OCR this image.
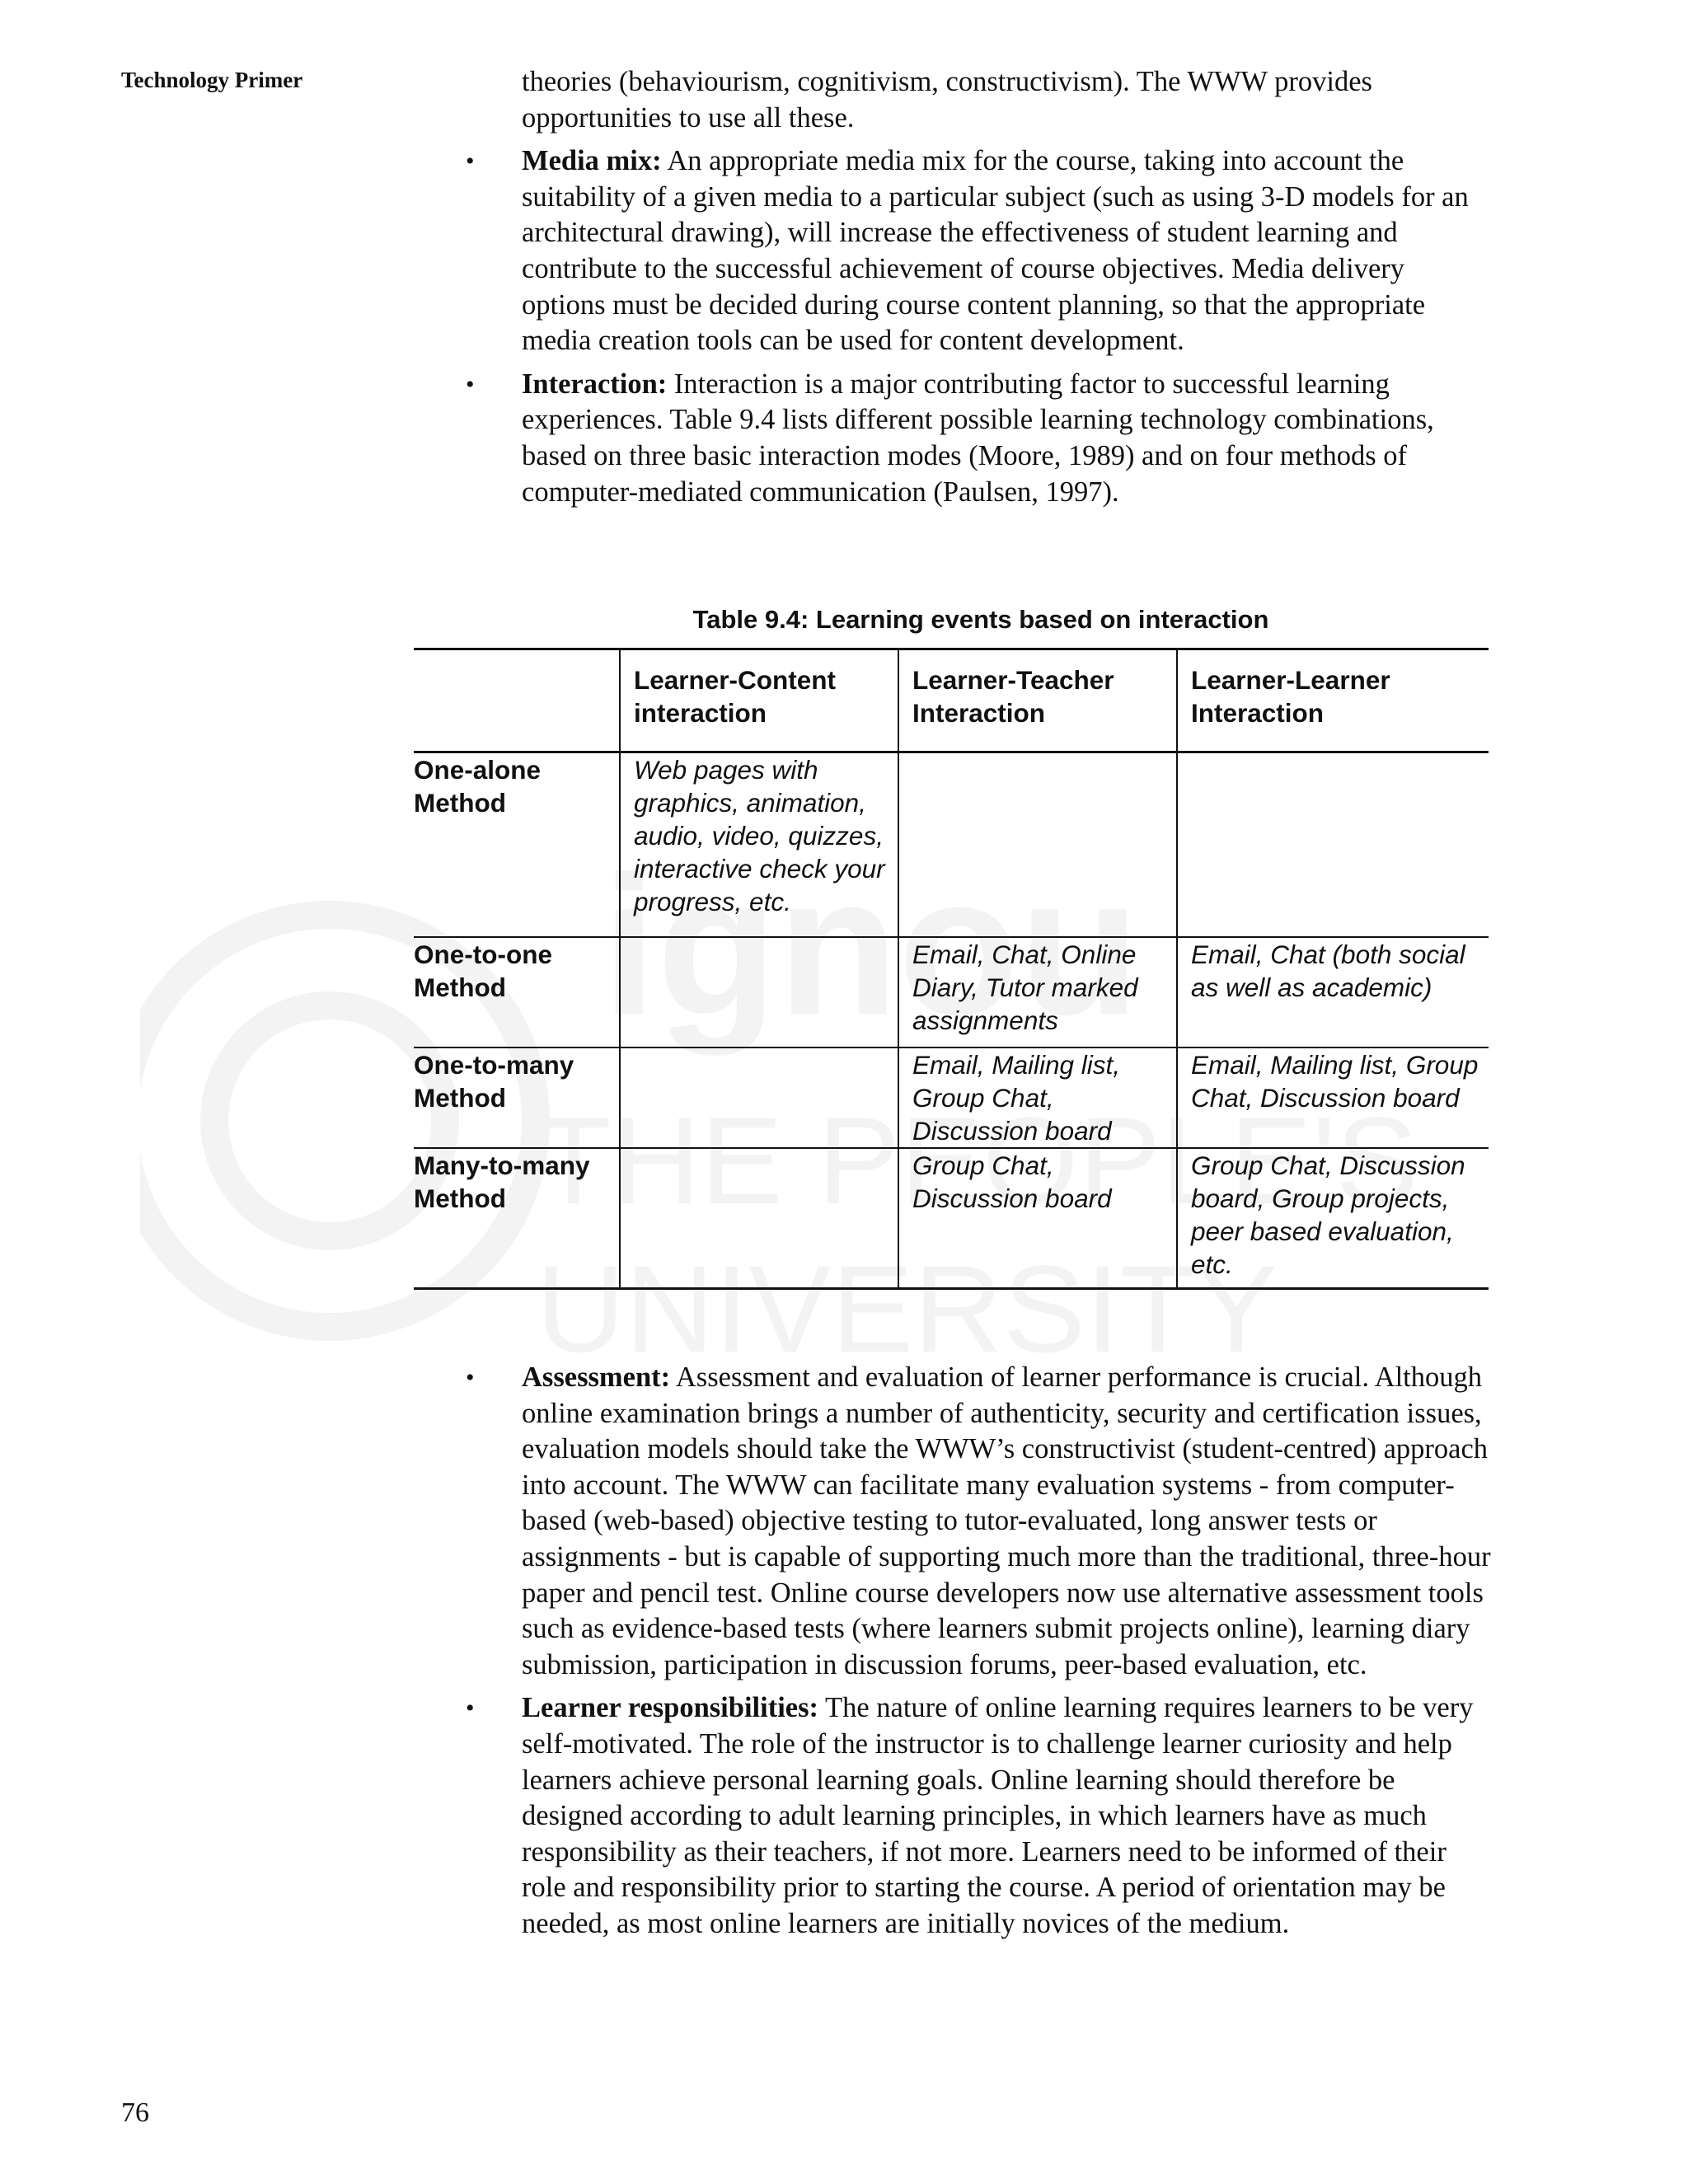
Technology Primer	theories (behaviourism, cognitivism, constructivism). The WWW provides opportunities to use all these.

• Media mix: An appropriate media mix for the course, taking into account the suitability of a given media to a particular subject (such as using 3-D models for an architectural drawing), will increase the effectiveness of student learning and contribute to the successful achievement of course objectives. Media delivery options must be decided during course content planning, so that the appropriate media creation tools can be used for content development.
• Interaction: Interaction is a major contributing factor to successful learning experiences. Table 9.4 lists different possible learning technology combinations, based on three basic interaction modes (Moore, 1989) and on four methods of computer-mediated communication (Paulsen, 1997).
Table 9.4: Learning events based on interaction
	Learner-Content interaction	Learner-Teacher Interaction	Learner-Learner Interaction
One-alone Method	Web pages with graphics, animation, audio, video, quizzes, interactive check your progress, etc.		
One-to-one Method		Email, Chat, Online Diary, Tutor marked assignments	Email, Chat (both social as well as academic)
One-to-many Method		Email, Mailing list, Group Chat, Discussion board	Email, Mailing list, Group Chat, Discussion board
Many-to-many Method		Group Chat, Discussion board	Group Chat, Discussion board, Group projects, peer based evaluation, etc.
• Assessment: Assessment and evaluation of learner performance is crucial. Although online examination brings a number of authenticity, security and certification issues, evaluation models should take the WWW’s constructivist (student-centred) approach into account. The WWW can facilitate many evaluation systems - from computer-based (web-based) objective testing to tutor-evaluated, long answer tests or assignments - but is capable of supporting much more than the traditional, three-hour paper and pencil test. Online course developers now use alternative assessment tools such as evidence-based tests (where learners submit projects online), learning diary submission, participation in discussion forums, peer-based evaluation, etc.
• Learner responsibilities: The nature of online learning requires learners to be very self-motivated. The role of the instructor is to challenge learner curiosity and help learners achieve personal learning goals. Online learning should therefore be designed according to adult learning principles, in which learners have as much responsibility as their teachers, if not more. Learners need to be informed of their role and responsibility prior to starting the course. A period of orientation may be needed, as most online learners are initially novices of the medium.
76
